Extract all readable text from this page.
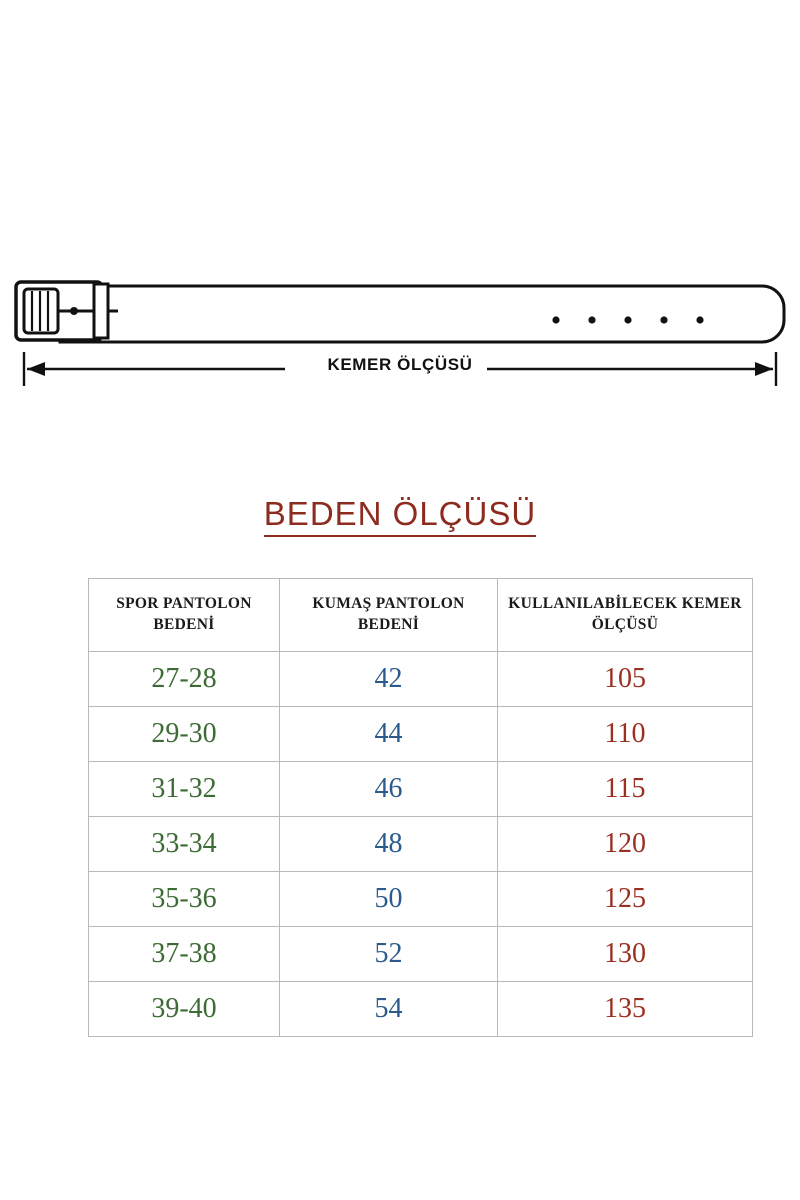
KEMER ÖLÇÜSÜ
BEDEN ÖLÇÜSÜ
SPOR PANTOLON BEDENİ	KUMAŞ PANTOLON BEDENİ	KULLANILABİLECEK KEMER ÖLÇÜSÜ
27-28	42	105
29-30	44	110
31-32	46	115
33-34	48	120
35-36	50	125
37-38	52	130
39-40	54	135
